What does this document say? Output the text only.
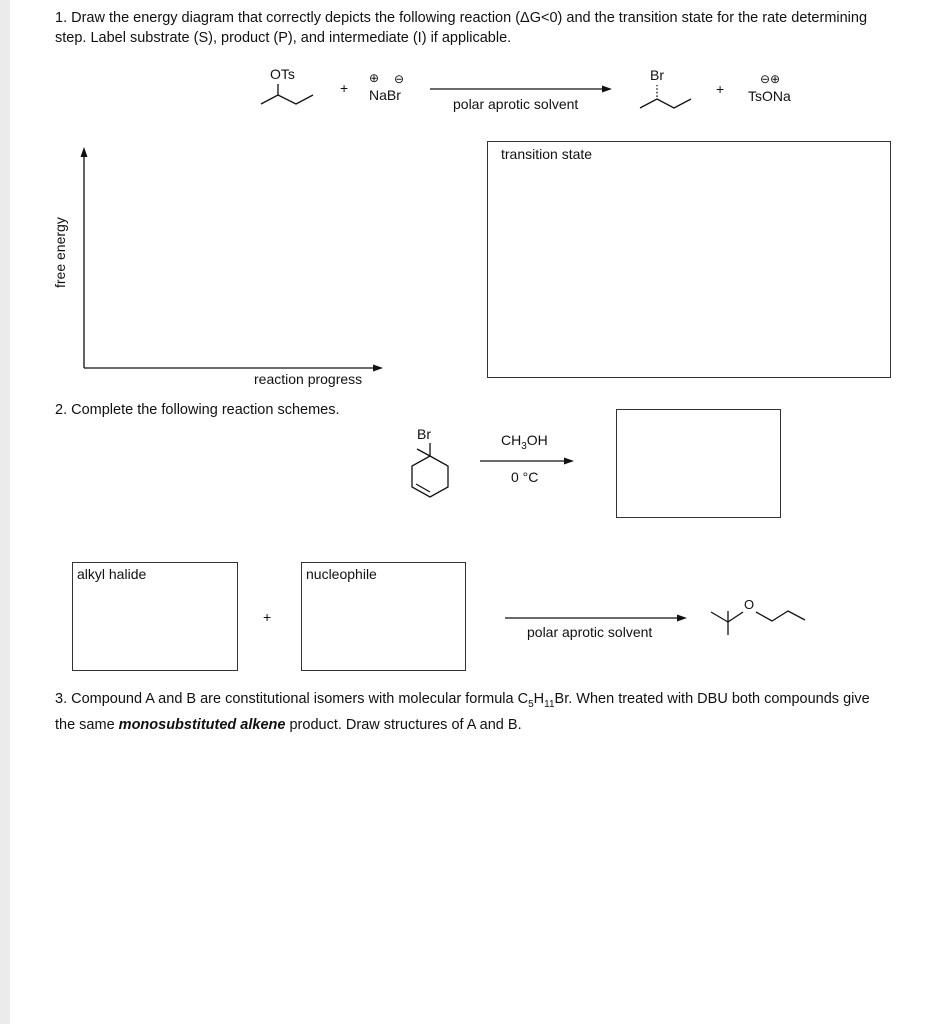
1. Draw the energy diagram that correctly depicts the following reaction (ΔG<0) and the transition state for the rate determining step. Label substrate (S), product (P), and intermediate (I) if applicable.
OTs
+
⊕ ⊖
NaBr
polar aprotic solvent
Br
+
⊖⊕
TsONa
free energy
reaction progress
transition state
2. Complete the following reaction schemes.
Br	$CH_3OH$
0 °C
alkyl halide
+
nucleophile
polar aprotic solvent
O
3. Compound A and B are constitutional isomers with molecular formula $C_5H_{11}Br$. When treated with DBU both compounds give the same monosubstituted alkene product. Draw structures of A and B.
